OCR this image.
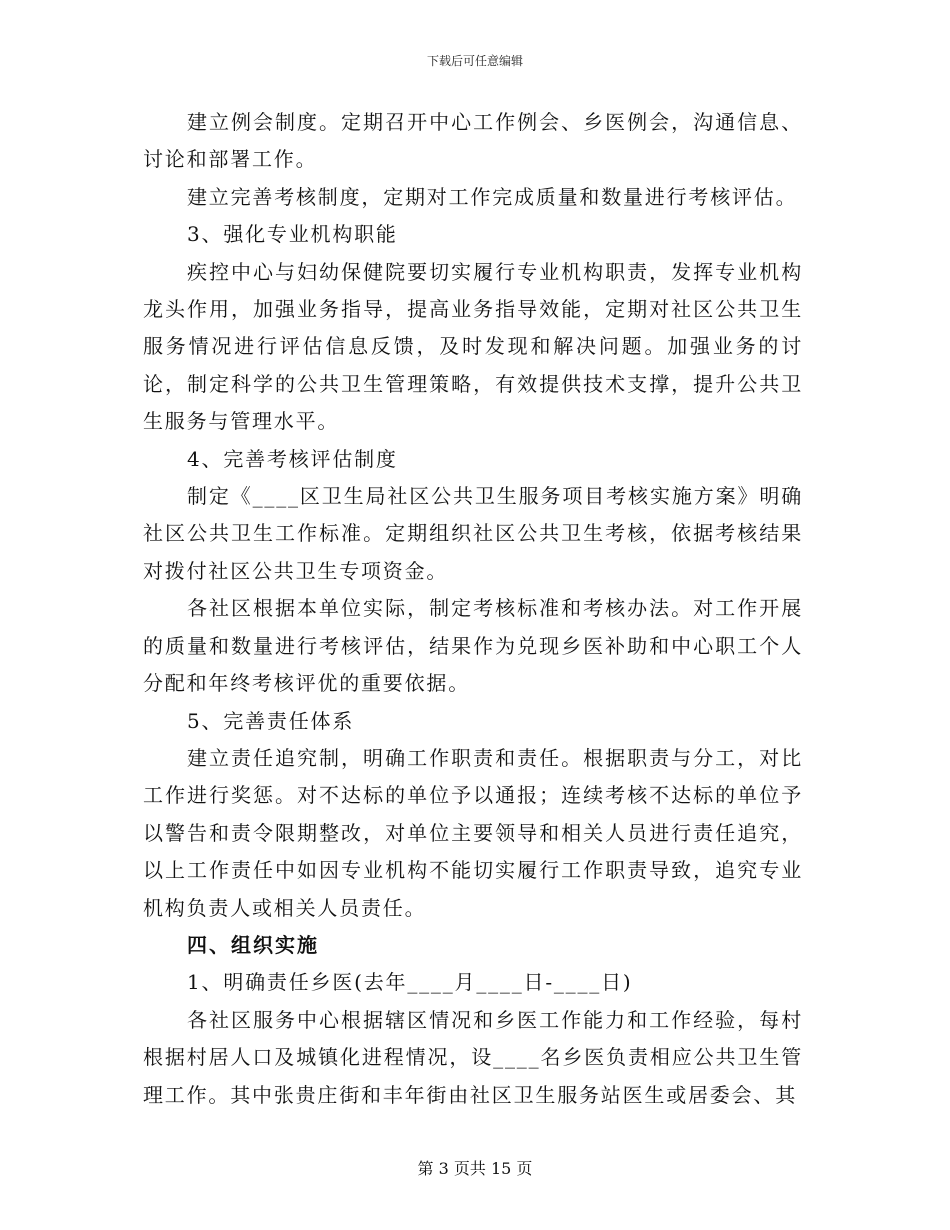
下载后可任意编辑

建立例会制度。定期召开中心工作例会、乡医例会，沟通信息、讨论和部署工作。

建立完善考核制度，定期对工作完成质量和数量进行考核评估。

3、强化专业机构职能

疾控中心与妇幼保健院要切实履行专业机构职责，发挥专业机构龙头作用，加强业务指导，提高业务指导效能，定期对社区公共卫生服务情况进行评估信息反馈，及时发现和解决问题。加强业务的讨论，制定科学的公共卫生管理策略，有效提供技术支撑，提升公共卫生服务与管理水平。

4、完善考核评估制度

制定《____区卫生局社区公共卫生服务项目考核实施方案》明确社区公共卫生工作标准。定期组织社区公共卫生考核，依据考核结果对拨付社区公共卫生专项资金。

各社区根据本单位实际，制定考核标准和考核办法。对工作开展的质量和数量进行考核评估，结果作为兑现乡医补助和中心职工个人分配和年终考核评优的重要依据。

5、完善责任体系

建立责任追究制，明确工作职责和责任。根据职责与分工，对比工作进行奖惩。对不达标的单位予以通报；连续考核不达标的单位予以警告和责令限期整改，对单位主要领导和相关人员进行责任追究，以上工作责任中如因专业机构不能切实履行工作职责导致，追究专业机构负责人或相关人员责任。

四、组织实施

1、明确责任乡医(去年____月____日-____日)

各社区服务中心根据辖区情况和乡医工作能力和工作经验，每村根据村居人口及城镇化进程情况，设____名乡医负责相应公共卫生管理工作。其中张贵庄街和丰年街由社区卫生服务站医生或居委会、其

第 3 页共 15 页
